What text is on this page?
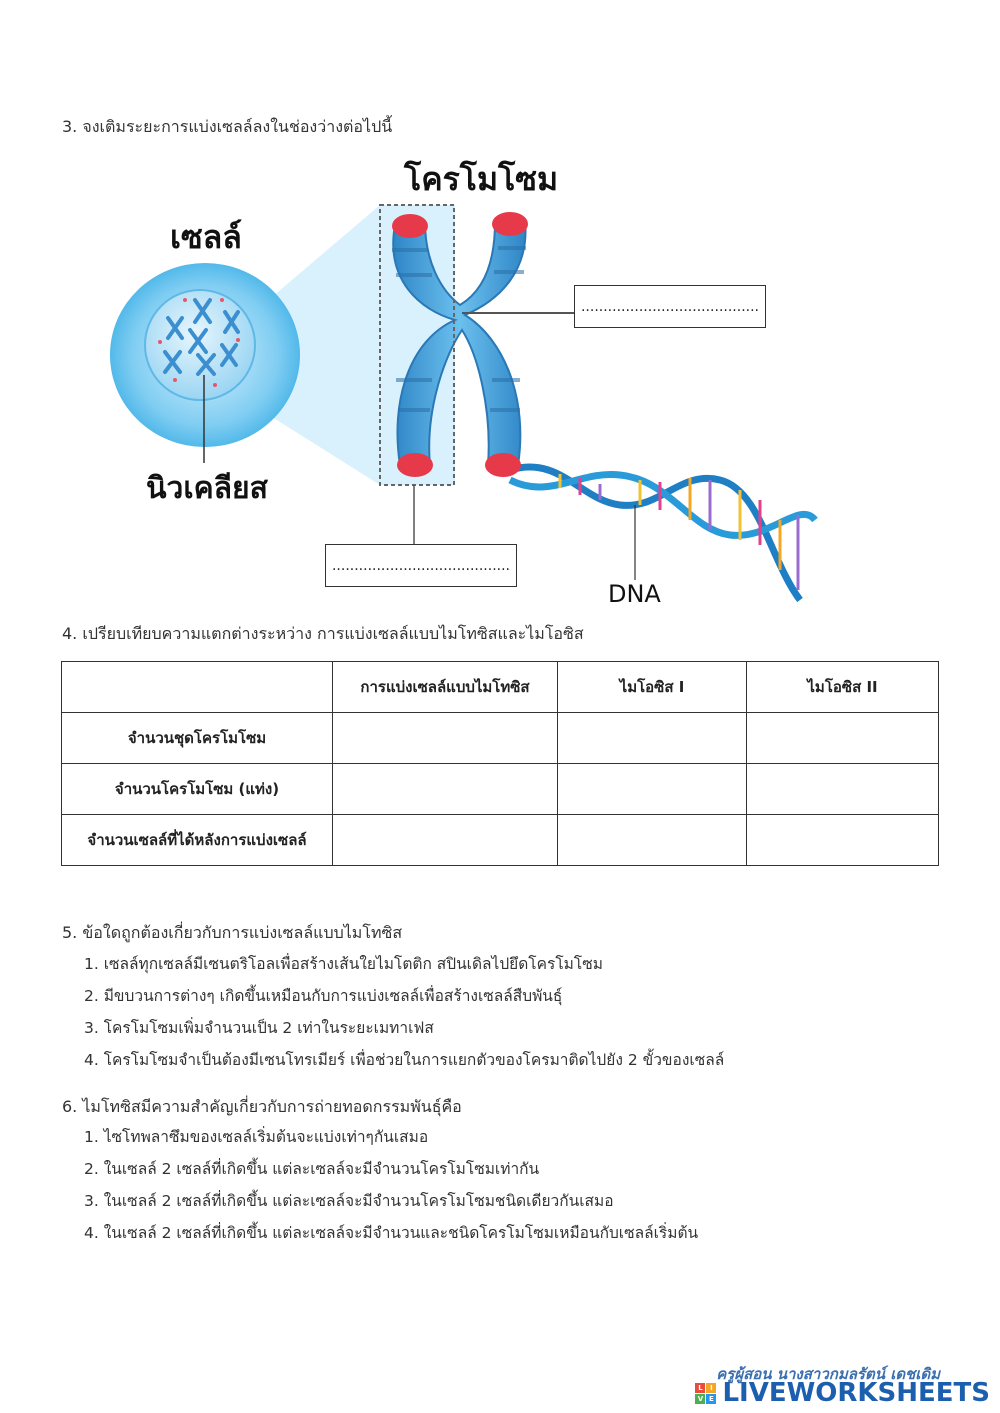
3. จงเติมระยะการแบ่งเซลล์ลงในช่องว่างต่อไปนี้
โครโมโซม
เซลล์
นิวเคลียส
DNA
........................................
........................................
4. เปรียบเทียบความแตกต่างระหว่าง การแบ่งเซลล์แบบไมโทซิสและไมโอซิส
	การแบ่งเซลล์แบบไมโทซิส	ไมโอซิส I	ไมโอซิส II
จำนวนชุดโครโมโซม			
จำนวนโครโมโซม (แท่ง)			
จำนวนเซลล์ที่ได้หลังการแบ่งเซลล์			
5. ข้อใดถูกต้องเกี่ยวกับการแบ่งเซลล์แบบไมโทซิส
1. เซลล์ทุกเซลล์มีเซนตริโอลเพื่อสร้างเส้นใยไมโตติก สปินเดิลไปยึดโครโมโซม
2. มีขบวนการต่างๆ เกิดขึ้นเหมือนกับการแบ่งเซลล์เพื่อสร้างเซลล์สืบพันธุ์
3. โครโมโซมเพิ่มจำนวนเป็น 2 เท่าในระยะเมทาเฟส
4. โครโมโซมจำเป็นต้องมีเซนโทรเมียร์ เพื่อช่วยในการแยกตัวของโครมาติดไปยัง 2 ขั้วของเซลล์
6. ไมโทซิสมีความสำคัญเกี่ยวกับการถ่ายทอดกรรมพันธุ์คือ
1. ไซโทพลาซึมของเซลล์เริ่มต้นจะแบ่งเท่าๆกันเสมอ
2. ในเซลล์ 2 เซลล์ที่เกิดขึ้น แต่ละเซลล์จะมีจำนวนโครโมโซมเท่ากัน
3. ในเซลล์ 2 เซลล์ที่เกิดขึ้น แต่ละเซลล์จะมีจำนวนโครโมโซมชนิดเดียวกันเสมอ
4. ในเซลล์ 2 เซลล์ที่เกิดขึ้น แต่ละเซลล์จะมีจำนวนและชนิดโครโมโซมเหมือนกับเซลล์เริ่มต้น
ครูผู้สอน นางสาวกมลรัตน์ เดชเดิม
L	I
V E LIVEWORKSHEETS
